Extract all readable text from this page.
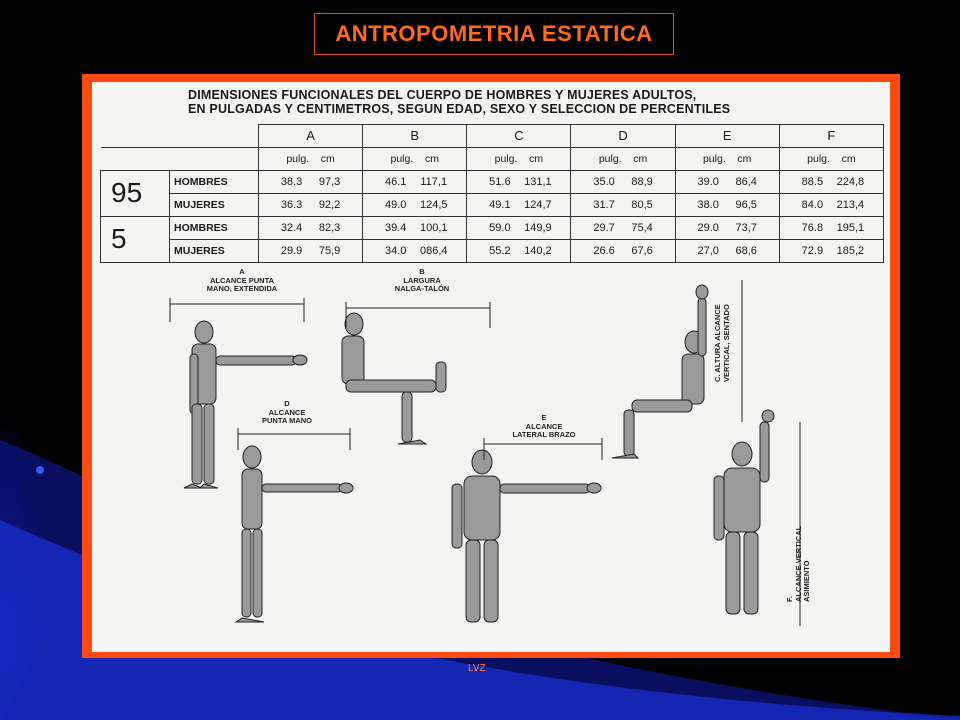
ANTROPOMETRIA ESTATICA
DIMENSIONES FUNCIONALES DEL CUERPO DE HOMBRES Y MUJERES ADULTOS,
EN PULGADAS Y CENTIMETROS, SEGUN EDAD, SEXO Y SELECCION DE PERCENTILES
		A	B	C	D	E	F
		pulg. cm	pulg. cm	pulg. cm	pulg. cm	pulg. cm	pulg. cm
95	HOMBRES	38.3 97,3	46.1 117,1	51.6 131,1	35.0 88,9	39.0 86,4	88.5 224,8
	MUJERES	36.3 92,2	49.0 124,5	49.1 124,7	31.7 80,5	38.0 96,5	84.0 213,4
5	HOMBRES	32.4 82,3	39.4 100,1	59.0 149,9	29.7 75,4	29.0 73,7	76.8 195,1
	MUJERES	29.9 75,9	34.0 086,4	55.2 140,2	26.6 67,6	27,0 68,6	72.9 185,2
A
ALCANCE PUNTA
MANO, EXTENDIDA
B
LARGURA
NALGA-TALÓN
C. ALTURA ALCANCE
VERTICAL, SENTADO
D
ALCANCE
PUNTA MANO	E
ALCANCE
LATERAL BRAZO
F.
ALCANCE VERTICAL ASIMIENTO
LVZ
